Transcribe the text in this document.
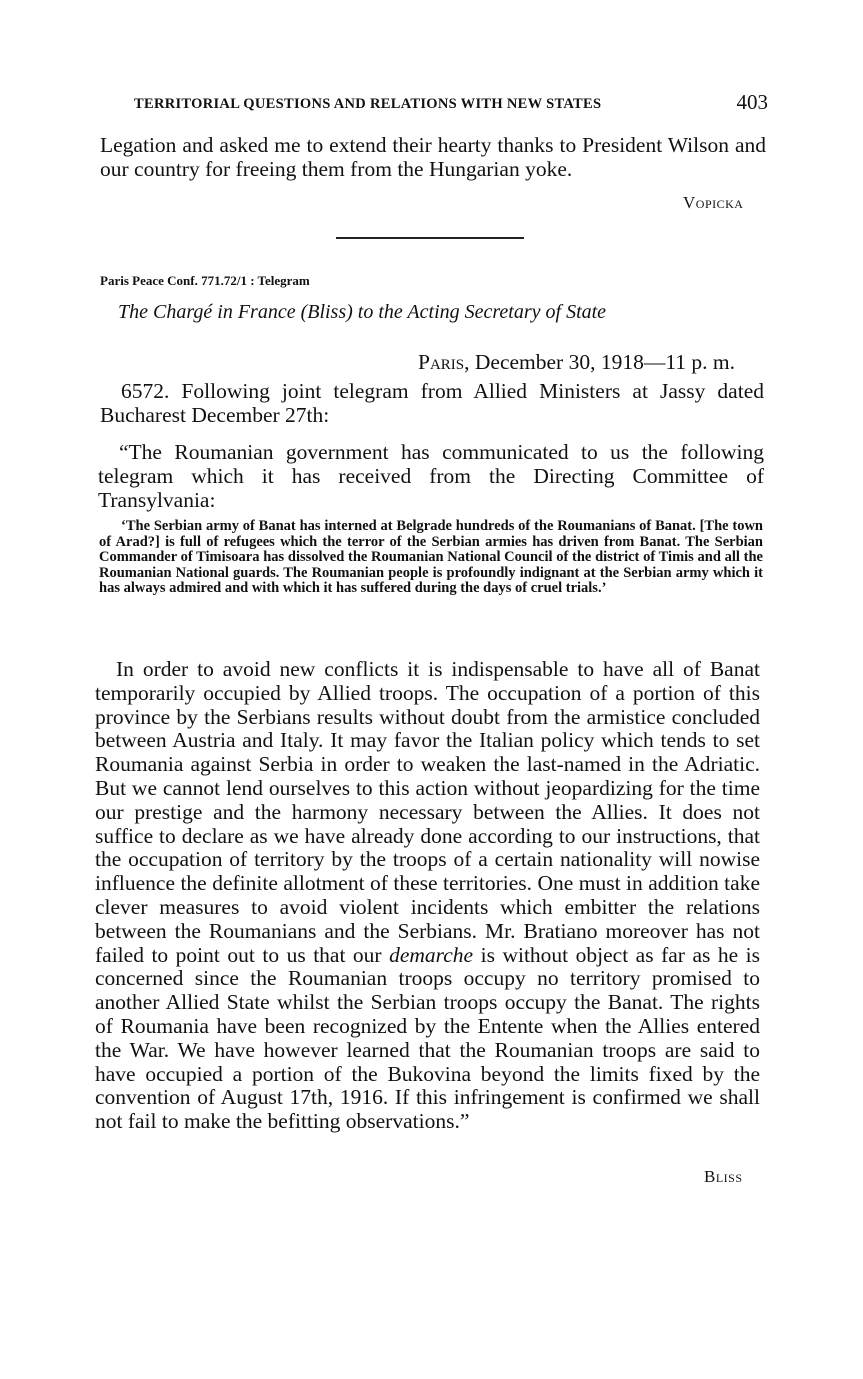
TERRITORIAL QUESTIONS AND RELATIONS WITH NEW STATES	403
Legation and asked me to extend their hearty thanks to President Wilson and our country for freeing them from the Hungarian yoke.
Vopicka
Paris Peace Conf. 771.72/1 : Telegram
The Chargé in France (Bliss) to the Acting Secretary of State
Paris, December 30, 1918—11 p. m.
6572. Following joint telegram from Allied Ministers at Jassy dated Bucharest December 27th:
“The Roumanian government has communicated to us the following telegram which it has received from the Directing Committee of Transylvania:
‘The Serbian army of Banat has interned at Belgrade hundreds of the Roumanians of Banat. [The town of Arad?] is full of refugees which the terror of the Serbian armies has driven from Banat. The Serbian Commander of Timisoara has dissolved the Roumanian National Council of the district of Timis and all the Roumanian National guards. The Roumanian people is profoundly indignant at the Serbian army which it has always admired and with which it has suffered during the days of cruel trials.’
In order to avoid new conflicts it is indispensable to have all of Banat temporarily occupied by Allied troops. The occupation of a portion of this province by the Serbians results without doubt from the armistice concluded between Austria and Italy. It may favor the Italian policy which tends to set Roumania against Serbia in order to weaken the last-named in the Adriatic. But we cannot lend ourselves to this action without jeopardizing for the time our prestige and the harmony necessary between the Allies. It does not suffice to declare as we have already done according to our instructions, that the occupation of territory by the troops of a certain nationality will nowise influence the definite allotment of these territories. One must in addition take clever measures to avoid violent incidents which embitter the relations between the Roumanians and the Serbians. Mr. Bratiano moreover has not failed to point out to us that our demarche is without object as far as he is concerned since the Roumanian troops occupy no territory promised to another Allied State whilst the Serbian troops occupy the Banat. The rights of Roumania have been recognized by the Entente when the Allies entered the War. We have however learned that the Roumanian troops are said to have occupied a portion of the Bukovina beyond the limits fixed by the convention of August 17th, 1916. If this infringement is confirmed we shall not fail to make the befitting observations.”
Bliss
